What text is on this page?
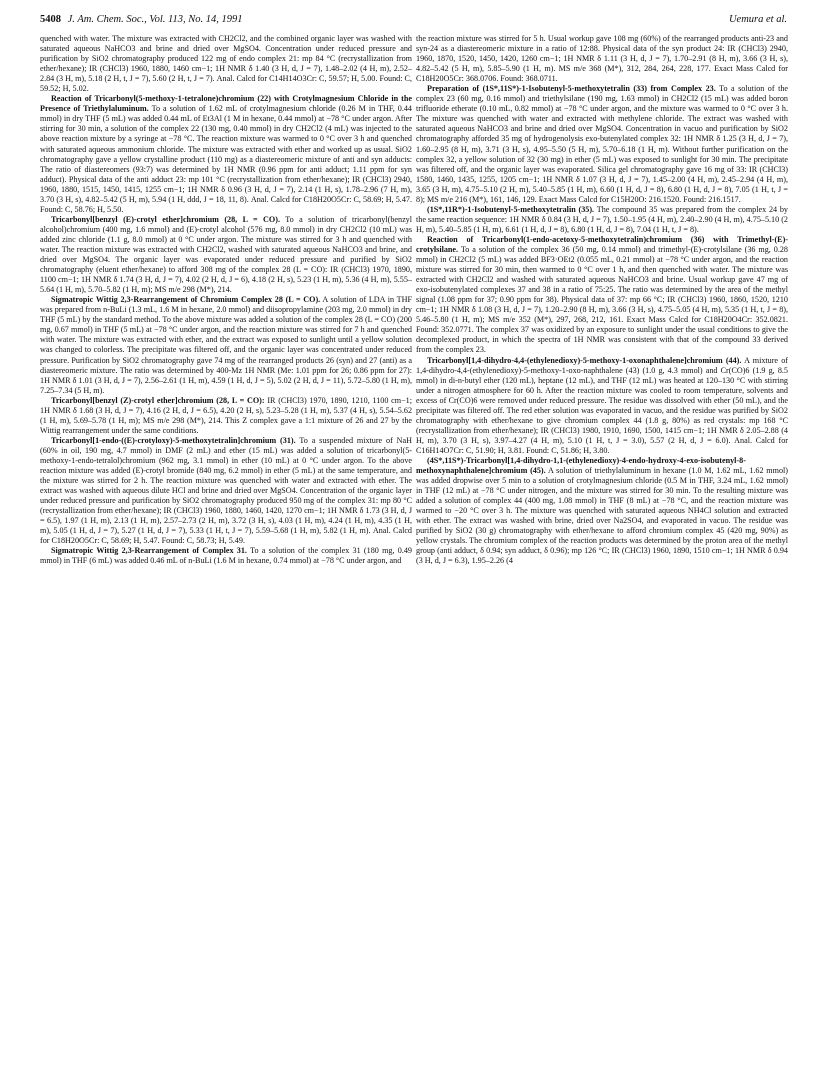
5408 J. Am. Chem. Soc., Vol. 113, No. 14, 1991	Uemura et al.

quenched with water. The mixture was extracted with CH2Cl2, and the combined organic layer was washed with saturated aqueous NaHCO3 and brine and dried over MgSO4. Concentration under reduced pressure and purification by SiO2 chromatography produced 122 mg of endo complex 21: mp 84 °C (recrystallization from ether/hexane); IR (CHCl3) 1960, 1880, 1460 cm−1; 1H NMR δ 1.40 (3 H, d, J = 7), 1.48–2.02 (4 H, m), 2.52–2.84 (3 H, m), 5.18 (2 H, t, J = 7), 5.60 (2 H, t, J = 7). Anal. Calcd for C14H14O3Cr: C, 59.57; H, 5.00. Found: C, 59.52; H, 5.02.

Reaction of Tricarbonyl(5-methoxy-1-tetralone)chromium (22) with Crotylmagnesium Chloride in the Presence of Triethylaluminum. To a solution of 1.62 mL of crotylmagnesium chloride (0.26 M in THF, 0.44 mmol) in dry THF (5 mL) was added 0.44 mL of Et3Al (1 M in hexane, 0.44 mmol) at −78 °C under argon. After stirring for 30 min, a solution of the complex 22 (130 mg, 0.40 mmol) in dry CH2Cl2 (4 mL) was injected to the above reaction mixture by a syringe at −78 °C. The reaction mixture was warmed to 0 °C over 3 h and quenched with saturated aqueous ammonium chloride. The mixture was extracted with ether and worked up as usual. SiO2 chromatography gave a yellow crystalline product (110 mg) as a diastereomeric mixture of anti and syn adducts: The ratio of diastereomers (93:7) was determined by 1H NMR (0.96 ppm for anti adduct; 1.11 ppm for syn adduct). Physical data of the anti adduct 23: mp 101 °C (recrystallization from ether/hexane); IR (CHCl3) 2940, 1960, 1880, 1515, 1450, 1415, 1255 cm−1; 1H NMR δ 0.96 (3 H, d, J = 7), 2.14 (1 H, s), 1.78–2.96 (7 H, m), 3.70 (3 H, s), 4.82–5.42 (5 H, m), 5.94 (1 H, ddd, J = 18, 11, 8). Anal. Calcd for C18H20O5Cr: C, 58.69; H, 5.47. Found: C, 58.76; H, 5.50.

Tricarbonyl[benzyl (E)-crotyl ether]chromium (28, L = CO). To a solution of tricarbonyl(benzyl alcohol)chromium (400 mg, 1.6 mmol) and (E)-crotyl alcohol (576 mg, 8.0 mmol) in dry CH2Cl2 (10 mL) was added zinc chloride (1.1 g, 8.0 mmol) at 0 °C under argon. The mixture was stirred for 3 h and quenched with water. The reaction mixture was extracted with CH2Cl2, washed with saturated aqueous NaHCO3 and brine, and dried over MgSO4. The organic layer was evaporated under reduced pressure and purified by SiO2 chromatography (eluent ether/hexane) to afford 308 mg of the complex 28 (L = CO): IR (CHCl3) 1970, 1890, 1100 cm−1; 1H NMR δ 1.74 (3 H, d, J = 7), 4.02 (2 H, d, J = 6), 4.18 (2 H, s), 5.23 (1 H, m), 5.36 (4 H, m), 5.55–5.64 (1 H, m), 5.70–5.82 (1 H, m); MS m/e 298 (M*), 214.

Sigmatropic Wittig 2,3-Rearrangement of Chromium Complex 28 (L = CO). A solution of LDA in THF was prepared from n-BuLi (1.3 mL, 1.6 M in hexane, 2.0 mmol) and diisopropylamine (203 mg, 2.0 mmol) in dry THF (5 mL) by the standard method. To the above mixture was added a solution of the complex 28 (L = CO) (200 mg, 0.67 mmol) in THF (5 mL) at −78 °C under argon, and the reaction mixture was stirred for 7 h and quenched with water. The mixture was extracted with ether, and the extract was exposed to sunlight until a yellow solution was changed to colorless. The precipitate was filtered off, and the organic layer was concentrated under reduced pressure. Purification by SiO2 chromatography gave 74 mg of the rearranged products 26 (syn) and 27 (anti) as a diastereomeric mixture. The ratio was determined by 400-Mz 1H NMR (Me: 1.01 ppm for 26; 0.86 ppm for 27): 1H NMR δ 1.01 (3 H, d, J = 7), 2.56–2.61 (1 H, m), 4.59 (1 H, d, J = 5), 5.02 (2 H, d, J = 11), 5.72–5.80 (1 H, m), 7.25–7.34 (5 H, m).

Tricarbonyl[benzyl (Z)-crotyl ether]chromium (28, L = CO): IR (CHCl3) 1970, 1890, 1210, 1100 cm−1; 1H NMR δ 1.68 (3 H, d, J = 7), 4.16 (2 H, d, J = 6.5), 4.20 (2 H, s), 5.23–5.28 (1 H, m), 5.37 (4 H, s), 5.54–5.62 (1 H, m), 5.69–5.78 (1 H, m); MS m/e 298 (M*), 214. This Z complex gave a 1:1 mixture of 26 and 27 by the Wittig rearrangement under the same conditions.

Tricarbonyl[1-endo-((E)-crotyloxy)-5-methoxytetralin]chromium (31). To a suspended mixture of NaH (60% in oil, 190 mg, 4.7 mmol) in DMF (2 mL) and ether (15 mL) was added a solution of tricarbonyl(5-methoxy-1-endo-tetralol)chromium (962 mg, 3.1 mmol) in ether (10 mL) at 0 °C under argon. To the above reaction mixture was added (E)-crotyl bromide (840 mg, 6.2 mmol) in ether (5 mL) at the same temperature, and the mixture was stirred for 2 h. The reaction mixture was quenched with water and extracted with ether. The extract was washed with aqueous dilute HCl and brine and dried over MgSO4. Concentration of the organic layer under reduced pressure and purification by SiO2 chromatography produced 950 mg of the complex 31: mp 80 °C (recrystallization from ether/hexane); IR (CHCl3) 1960, 1880, 1460, 1420, 1270 cm−1; 1H NMR δ 1.73 (3 H, d, J = 6.5), 1.97 (1 H, m), 2.13 (1 H, m), 2.57–2.73 (2 H, m), 3.72 (3 H, s), 4.03 (1 H, m), 4.24 (1 H, m), 4.35 (1 H, m), 5.05 (1 H, d, J = 7), 5.27 (1 H, d, J = 7), 5.33 (1 H, t, J = 7), 5.59–5.68 (1 H, m), 5.82 (1 H, m). Anal. Calcd for C18H20O5Cr: C, 58.69; H, 5.47. Found: C, 58.73; H, 5.49.

Sigmatropic Wittig 2,3-Rearrangement of Complex 31. To a solution of the complex 31 (180 mg, 0.49 mmol) in THF (6 mL) was added 0.46 mL of n-BuLi (1.6 M in hexane, 0.74 mmol) at −78 °C under argon, and

the reaction mixture was stirred for 5 h. Usual workup gave 108 mg (60%) of the rearranged products anti-23 and syn-24 as a diastereomeric mixture in a ratio of 12:88. Physical data of the syn product 24: IR (CHCl3) 2940, 1960, 1870, 1520, 1450, 1420, 1260 cm−1; 1H NMR δ 1.11 (3 H, d, J = 7), 1.70–2.91 (8 H, m), 3.66 (3 H, s), 4.82–5.42 (5 H, m), 5.85–5.90 (1 H, m). MS m/e 368 (M*), 312, 284, 264, 228, 177. Exact Mass Calcd for C18H20O5Cr: 368.0706. Found: 368.0711.

Preparation of (1S*,11S*)-1-Isobutenyl-5-methoxytetralin (33) from Complex 23. To a solution of the complex 23 (60 mg, 0.16 mmol) and triethylsilane (190 mg, 1.63 mmol) in CH2Cl2 (15 mL) was added boron trifluoride etherate (0.10 mL, 0.82 mmol) at −78 °C under argon, and the mixture was warmed to 0 °C over 3 h. The mixture was quenched with water and extracted with methylene chloride. The extract was washed with saturated aqueous NaHCO3 and brine and dried over MgSO4. Concentration in vacuo and purification by SiO2 chromatography afforded 35 mg of hydrogenolysis exo-butenylated complex 32: 1H NMR δ 1.25 (3 H, d, J = 7), 1.60–2.95 (8 H, m), 3.71 (3 H, s), 4.95–5.50 (5 H, m), 5.70–6.18 (1 H, m). Without further purification on the complex 32, a yellow solution of 32 (30 mg) in ether (5 mL) was exposed to sunlight for 30 min. The precipitate was filtered off, and the organic layer was evaporated. Silica gel chromatography gave 16 mg of 33: IR (CHCl3) 1580, 1460, 1435, 1255, 1205 cm−1; 1H NMR δ 1.07 (3 H, d, J = 7), 1.45–2.00 (4 H, m), 2.45–2.94 (4 H, m), 3.65 (3 H, m), 4.75–5.10 (2 H, m), 5.40–5.85 (1 H, m), 6.60 (1 H, d, J = 8), 6.80 (1 H, d, J = 8), 7.05 (1 H, t, J = 8); MS m/e 216 (M*), 161, 146, 129. Exact Mass Calcd for C15H20O: 216.1520. Found: 216.1517.

(1S*,11R*)-1-Isobutenyl-5-methoxytetralin (35). The compound 35 was prepared from the complex 24 by the same reaction sequence: 1H NMR δ 0.84 (3 H, d, J = 7), 1.50–1.95 (4 H, m), 2.40–2.90 (4 H, m), 4.75–5.10 (2 H, m), 5.40–5.85 (1 H, m), 6.61 (1 H, d, J = 8), 6.80 (1 H, d, J = 8), 7.04 (1 H, t, J = 8).

Reaction of Tricarbonyl(1-endo-acetoxy-5-methoxytetralin)chromium (36) with Trimethyl-(E)-crotylsilane. To a solution of the complex 36 (50 mg, 0.14 mmol) and trimethyl-(E)-crotylsilane (36 mg, 0.28 mmol) in CH2Cl2 (5 mL) was added BF3·OEt2 (0.055 mL, 0.21 mmol) at −78 °C under argon, and the reaction mixture was stirred for 30 min, then warmed to 0 °C over 1 h, and then quenched with water. The mixture was extracted with CH2Cl2 and washed with saturated aqueous NaHCO3 and brine. Usual workup gave 47 mg of exo-isobutenylated complexes 37 and 38 in a ratio of 75:25. The ratio was determined by the area of the methyl signal (1.08 ppm for 37; 0.90 ppm for 38). Physical data of 37: mp 66 °C; IR (CHCl3) 1960, 1860, 1520, 1210 cm−1; 1H NMR δ 1.08 (3 H, d, J = 7), 1.20–2.90 (8 H, m), 3.66 (3 H, s), 4.75–5.05 (4 H, m), 5.35 (1 H, t, J = 8), 5.46–5.80 (1 H, m); MS m/e 352 (M*), 297, 268, 212, 161. Exact Mass Calcd for C18H20O4Cr: 352.0821. Found: 352.0771. The complex 37 was oxidized by an exposure to sunlight under the usual conditions to give the decomplexed product, in which the spectra of 1H NMR was consistent with that of the compound 33 derived from the complex 23.

Tricarbonyl[1,4-dihydro-4,4-(ethylenedioxy)-5-methoxy-1-oxonaphthalene]chromium (44). A mixture of 1,4-dihydro-4,4-(ethylenedioxy)-5-methoxy-1-oxo-naphthalene (43) (1.0 g, 4.3 mmol) and Cr(CO)6 (1.9 g, 8.5 mmol) in di-n-butyl ether (120 mL), heptane (12 mL), and THF (12 mL) was heated at 120–130 °C with stirring under a nitrogen atmosphere for 60 h. After the reaction mixture was cooled to room temperature, solvents and excess of Cr(CO)6 were removed under reduced pressure. The residue was dissolved with ether (50 mL), and the precipitate was filtered off. The red ether solution was evaporated in vacuo, and the residue was purified by SiO2 chromatography with ether/hexane to give chromium complex 44 (1.8 g, 80%) as red crystals: mp 168 °C (recrystallization from ether/hexane); IR (CHCl3) 1980, 1910, 1690, 1500, 1415 cm−1; 1H NMR δ 2.05–2.88 (4 H, m), 3.70 (3 H, s), 3.97–4.27 (4 H, m), 5.10 (1 H, t, J = 3.0), 5.57 (2 H, d, J = 6.0). Anal. Calcd for C16H14O7Cr: C, 51.90; H, 3.81. Found: C, 51.86; H, 3.80.

(4S*,11S*)-Tricarbonyl[1,4-dihydro-1,1-(ethylenedioxy)-4-endo-hydroxy-4-exo-isobutenyl-8-methoxynaphthalene]chromium (45). A solution of triethylaluminum in hexane (1.0 M, 1.62 mL, 1.62 mmol) was added dropwise over 5 min to a solution of crotylmagnesium chloride (0.5 M in THF, 3.24 mL, 1.62 mmol) in THF (12 mL) at −78 °C under nitrogen, and the mixture was stirred for 30 min. To the resulting mixture was added a solution of complex 44 (400 mg, 1.08 mmol) in THF (8 mL) at −78 °C, and the reaction mixture was warmed to −20 °C over 3 h. The mixture was quenched with saturated aqueous NH4Cl solution and extracted with ether. The extract was washed with brine, dried over Na2SO4, and evaporated in vacuo. The residue was purified by SiO2 (30 g) chromatography with ether/hexane to afford chromium complex 45 (420 mg, 90%) as yellow crystals. The chromium complex of the reaction products was determined by the proton area of the methyl group (anti adduct, δ 0.94; syn adduct, δ 0.96); mp 126 °C; IR (CHCl3) 1960, 1890, 1510 cm−1; 1H NMR δ 0.94 (3 H, d, J = 6.3), 1.95–2.26 (4
